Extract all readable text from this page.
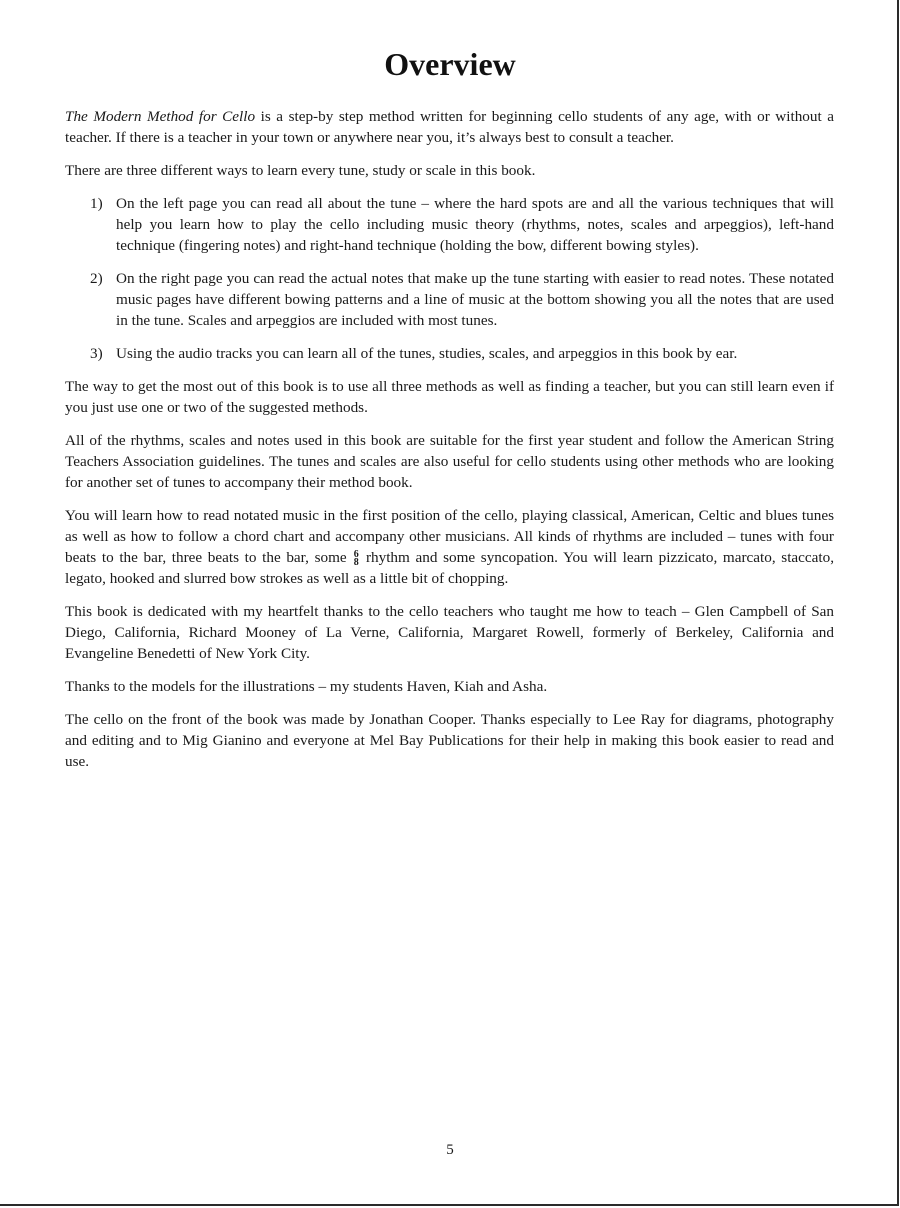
Overview

The Modern Method for Cello is a step-by step method written for beginning cello students of any age, with or without a teacher. If there is a teacher in your town or anywhere near you, it’s always best to consult a teacher.

There are three different ways to learn every tune, study or scale in this book.

1) On the left page you can read all about the tune – where the hard spots are and all the various techniques that will help you learn how to play the cello including music theory (rhythms, notes, scales and arpeggios), left-hand technique (fingering notes) and right-hand technique (holding the bow, different bowing styles).
2) On the right page you can read the actual notes that make up the tune starting with easier to read notes. These notated music pages have different bowing patterns and a line of music at the bottom showing you all the notes that are used in the tune. Scales and arpeggios are included with most tunes.
3) Using the audio tracks you can learn all of the tunes, studies, scales, and arpeggios in this book by ear.

The way to get the most out of this book is to use all three methods as well as finding a teacher, but you can still learn even if you just use one or two of the suggested methods.

All of the rhythms, scales and notes used in this book are suitable for the first year student and follow the American String Teachers Association guidelines. The tunes and scales are also useful for cello students using other methods who are looking for another set of tunes to accompany their method book.

You will learn how to read notated music in the first position of the cello, playing classical, American, Celtic and blues tunes as well as how to follow a chord chart and accompany other musicians. All kinds of rhythms are included – tunes with four beats to the bar, three beats to the bar, some 6
8 rhythm and some syncopation. You will learn pizzicato, marcato, staccato, legato, hooked and slurred bow strokes as well as a little bit of chopping.

This book is dedicated with my heartfelt thanks to the cello teachers who taught me how to teach – Glen Campbell of San Diego, California, Richard Mooney of La Verne, California, Margaret Rowell, formerly of Berkeley, California and Evangeline Benedetti of New York City.

Thanks to the models for the illustrations – my students Haven, Kiah and Asha.

The cello on the front of the book was made by Jonathan Cooper. Thanks especially to Lee Ray for diagrams, photography and editing and to Mig Gianino and everyone at Mel Bay Publications for their help in making this book easier to read and use.

5
